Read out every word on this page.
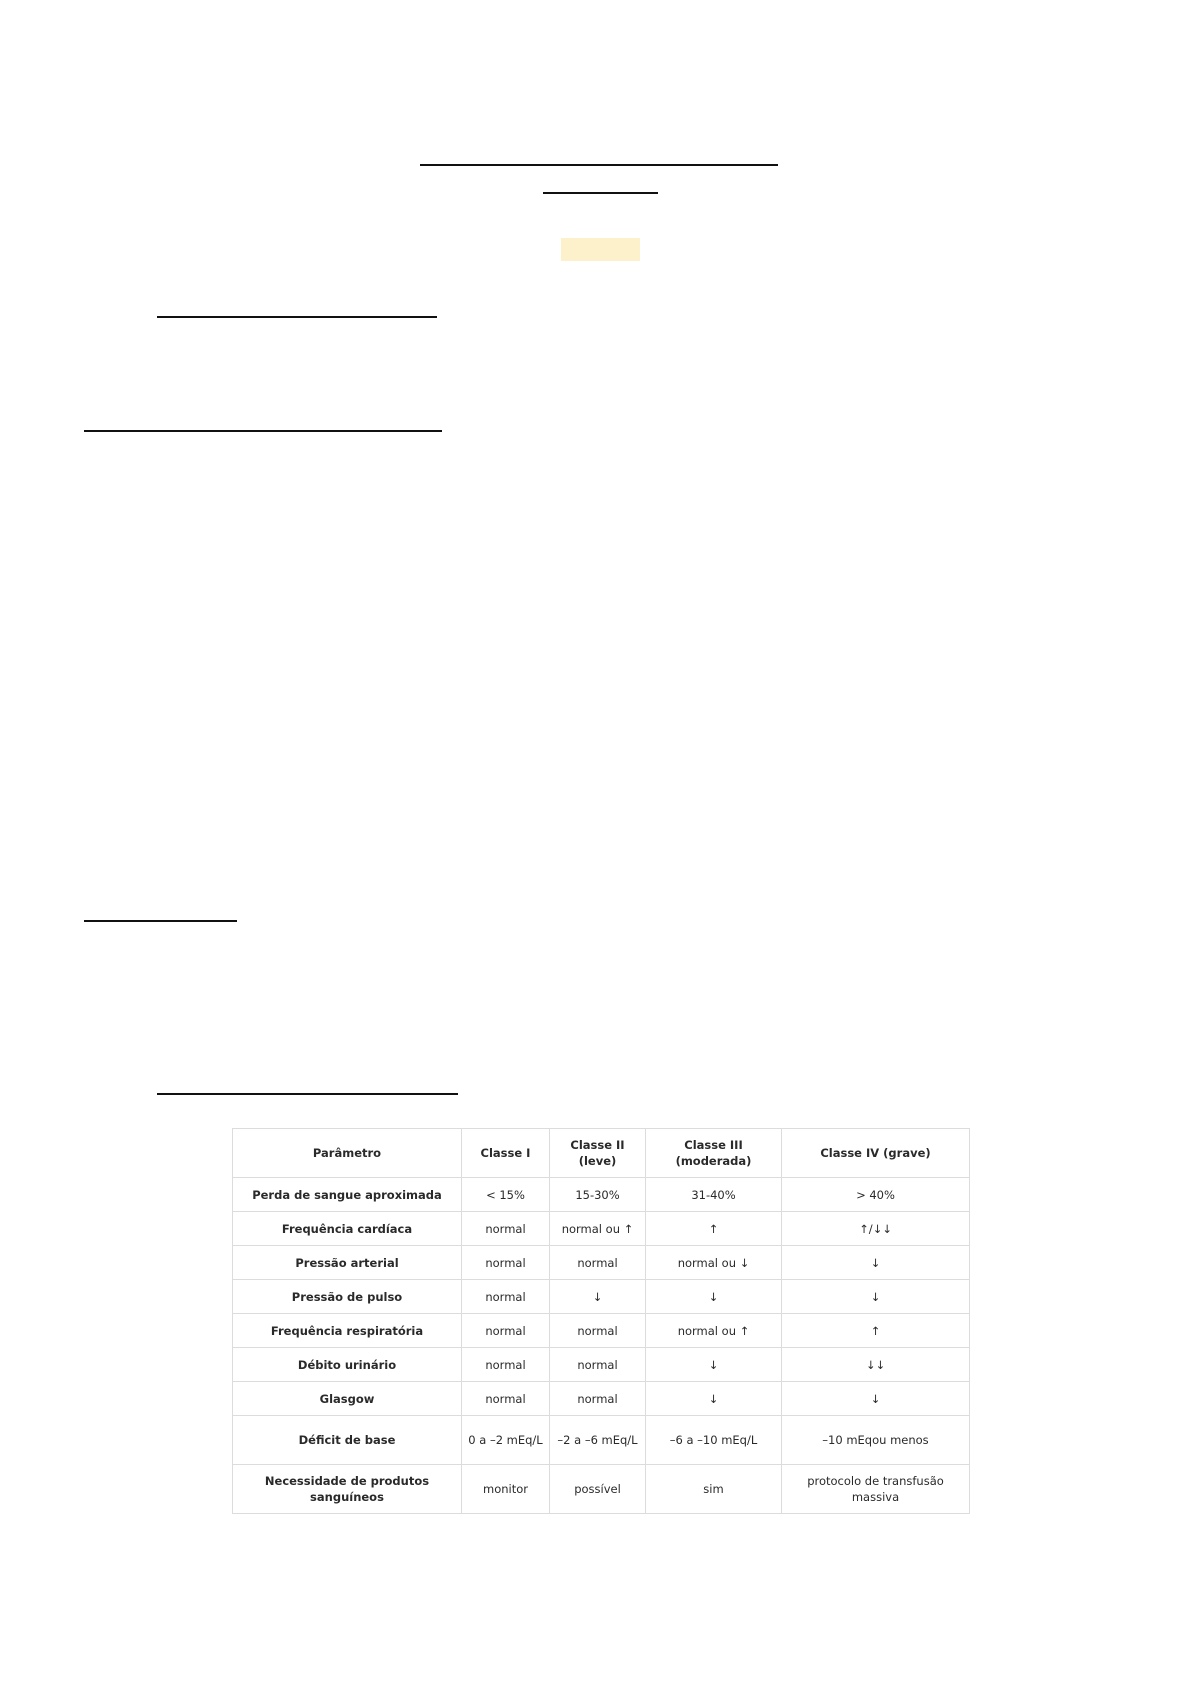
Parâmetro	Classe I	Classe II (leve)	Classe III (moderada)	Classe IV (grave)
Perda de sangue aproximada	< 15%	15-30%	31-40%	> 40%
Frequência cardíaca	normal	normal ou ↑	↑	↑/↓↓
Pressão arterial	normal	normal	normal ou ↓	↓
Pressão de pulso	normal	↓	↓	↓
Frequência respiratória	normal	normal	normal ou ↑	↑
Débito urinário	normal	normal	↓	↓↓
Glasgow	normal	normal	↓	↓
Déficit de base	0 a –2 mEq/L	–2 a –6 mEq/L	–6 a –10 mEq/L	–10 mEqou menos
Necessidade de produtos sanguíneos	monitor	possível	sim	protocolo de transfusão massiva
